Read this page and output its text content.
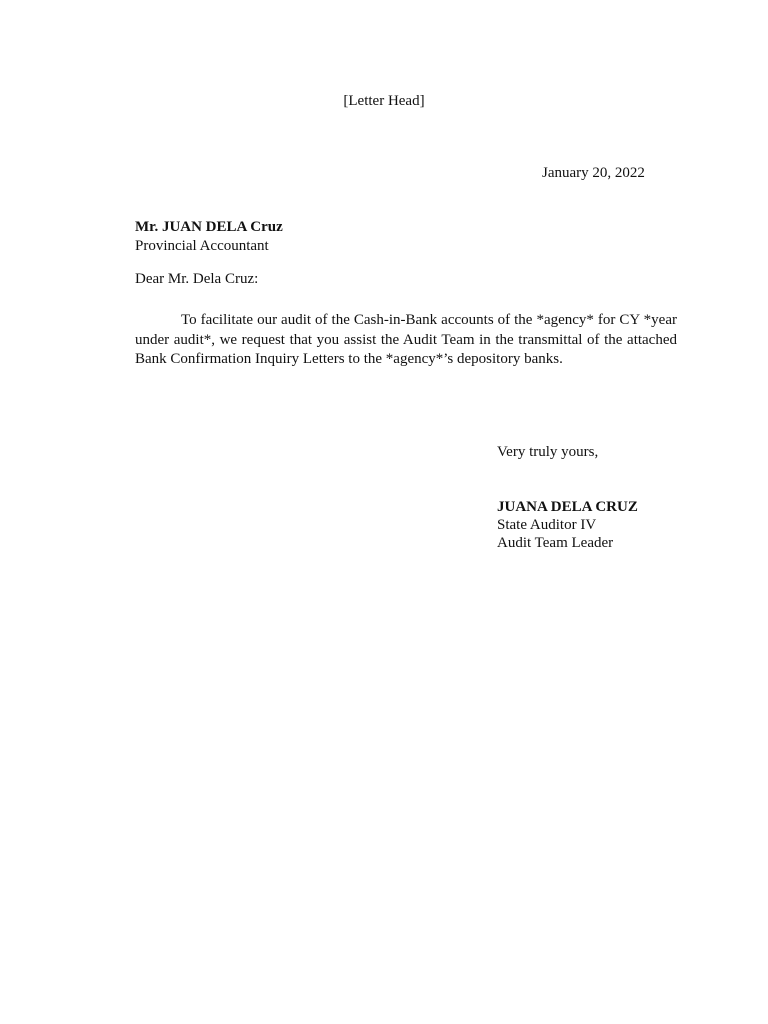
[Letter Head]
January 20, 2022
Mr. JUAN DELA Cruz
Provincial Accountant
Dear Mr. Dela Cruz:
To facilitate our audit of the Cash-in-Bank accounts of the *agency* for CY *year under audit*, we request that you assist the Audit Team in the transmittal of the attached Bank Confirmation Inquiry Letters to the *agency*’s depository banks.
Very truly yours,
JUANA DELA CRUZ
State Auditor IV
Audit Team Leader
